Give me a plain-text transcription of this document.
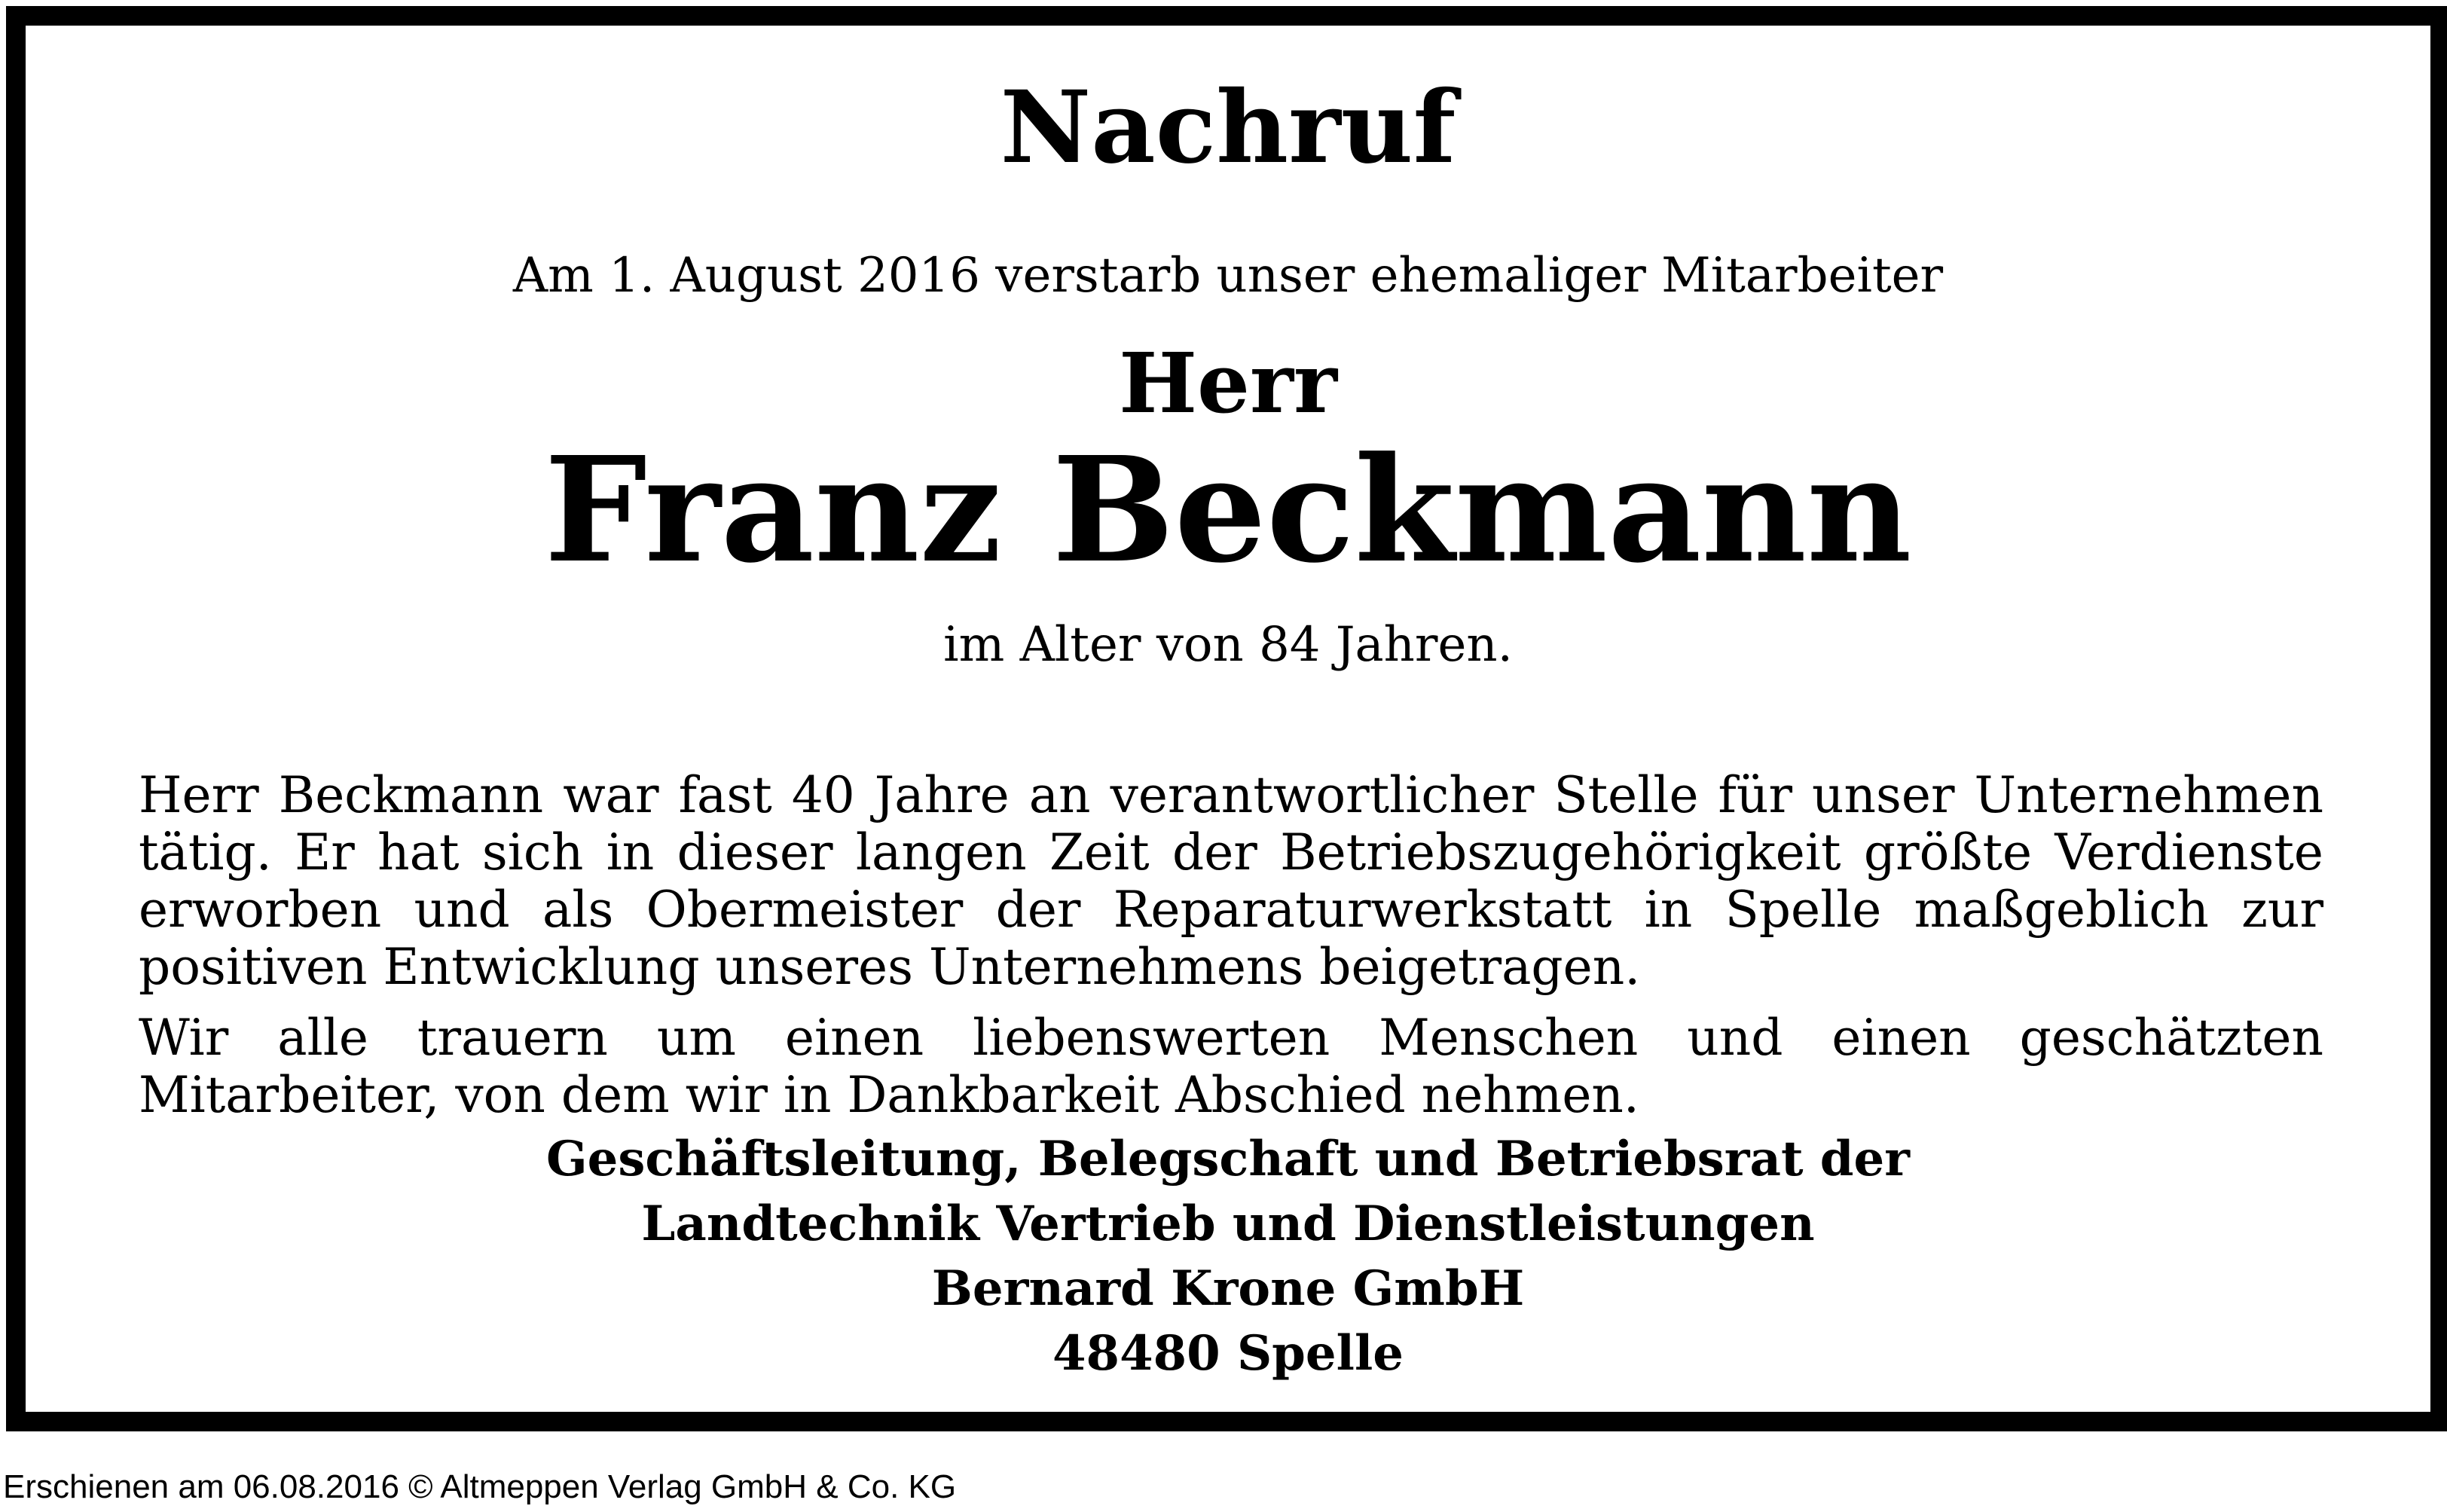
Nachruf
Am 1. August 2016 verstarb unser ehemaliger Mitarbeiter
Herr
Franz Beckmann
im Alter von 84 Jahren.

Herr Beckmann war fast 40 Jahre an verantwortlicher Stelle für unser Unternehmen tätig. Er hat sich in dieser langen Zeit der Betriebszugehörigkeit größte Verdienste erworben und als Obermeister der Reparaturwerkstatt in Spelle maßgeblich zur positiven Entwicklung unseres Unternehmens beigetragen.

Wir alle trauern um einen liebenswerten Menschen und einen geschätzten Mitarbeiter, von dem wir in Dankbarkeit Abschied nehmen.

Geschäftsleitung, Belegschaft und Betriebsrat der
Landtechnik Vertrieb und Dienstleistungen
Bernard Krone GmbH
48480 Spelle
Erschienen am 06.08.2016 © Altmeppen Verlag GmbH & Co. KG
